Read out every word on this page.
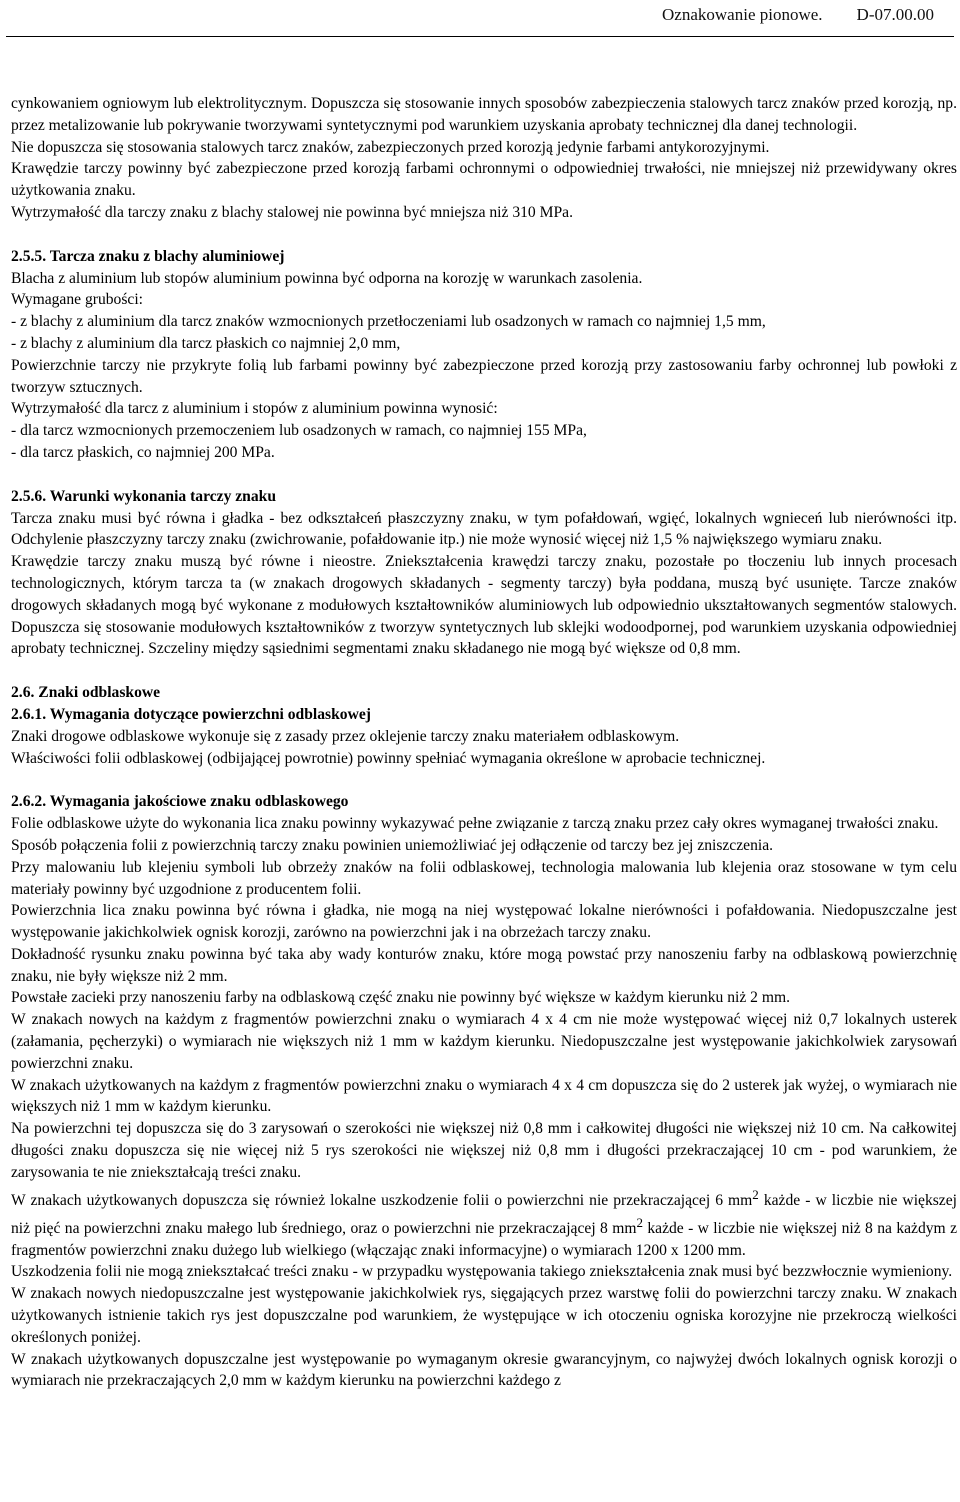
Oznakowanie pionowe. D-07.00.00

cynkowaniem ogniowym lub elektrolitycznym. Dopuszcza się stosowanie innych sposobów zabezpieczenia stalowych tarcz znaków przed korozją, np. przez metalizowanie lub pokrywanie tworzywami syntetycznymi pod warunkiem uzyskania aprobaty technicznej dla danej technologii.

Nie dopuszcza się stosowania stalowych tarcz znaków, zabezpieczonych przed korozją jedynie farbami antykorozyjnymi.

Krawędzie tarczy powinny być zabezpieczone przed korozją farbami ochronnymi o odpowiedniej trwałości, nie mniejszej niż przewidywany okres użytkowania znaku.

Wytrzymałość dla tarczy znaku z blachy stalowej nie powinna być mniejsza niż 310 MPa.

2.5.5. Tarcza znaku z blachy aluminiowej

Blacha z aluminium lub stopów aluminium powinna być odporna na korozję w warunkach zasolenia.

Wymagane grubości:

- z blachy z aluminium dla tarcz znaków wzmocnionych przetłoczeniami lub osadzonych w ramach co najmniej 1,5 mm,

- z blachy z aluminium dla tarcz płaskich co najmniej 2,0 mm,

Powierzchnie tarczy nie przykryte folią lub farbami powinny być zabezpieczone przed korozją przy zastosowaniu farby ochronnej lub powłoki z tworzyw sztucznych.

Wytrzymałość dla tarcz z aluminium i stopów z aluminium powinna wynosić:

- dla tarcz wzmocnionych przemoczeniem lub osadzonych w ramach, co najmniej 155 MPa,

- dla tarcz płaskich, co najmniej 200 MPa.

2.5.6. Warunki wykonania tarczy znaku

Tarcza znaku musi być równa i gładka - bez odkształceń płaszczyzny znaku, w tym pofałdowań, wgięć, lokalnych wgnieceń lub nierówności itp. Odchylenie płaszczyzny tarczy znaku (zwichrowanie, pofałdowanie itp.) nie może wynosić więcej niż 1,5 % największego wymiaru znaku.

Krawędzie tarczy znaku muszą być równe i nieostre. Zniekształcenia krawędzi tarczy znaku, pozostałe po tłoczeniu lub innych procesach technologicznych, którym tarcza ta (w znakach drogowych składanych - segmenty tarczy) była poddana, muszą być usunięte. Tarcze znaków drogowych składanych mogą być wykonane z modułowych kształtowników aluminiowych lub odpowiednio ukształtowanych segmentów stalowych. Dopuszcza się stosowanie modułowych kształtowników z tworzyw syntetycznych lub sklejki wodoodpornej, pod warunkiem uzyskania odpowiedniej aprobaty technicznej. Szczeliny między sąsiednimi segmentami znaku składanego nie mogą być większe od 0,8 mm.

2.6. Znaki odblaskowe

2.6.1. Wymagania dotyczące powierzchni odblaskowej

Znaki drogowe odblaskowe wykonuje się z zasady przez oklejenie tarczy znaku materiałem odblaskowym.

Właściwości folii odblaskowej (odbijającej powrotnie) powinny spełniać wymagania określone w aprobacie technicznej.

2.6.2. Wymagania jakościowe znaku odblaskowego

Folie odblaskowe użyte do wykonania lica znaku powinny wykazywać pełne związanie z tarczą znaku przez cały okres wymaganej trwałości znaku.

Sposób połączenia folii z powierzchnią tarczy znaku powinien uniemożliwiać jej odłączenie od tarczy bez jej zniszczenia.

Przy malowaniu lub klejeniu symboli lub obrzeży znaków na folii odblaskowej, technologia malowania lub klejenia oraz stosowane w tym celu materiały powinny być uzgodnione z producentem folii.

Powierzchnia lica znaku powinna być równa i gładka, nie mogą na niej występować lokalne nierówności i pofałdowania. Niedopuszczalne jest występowanie jakichkolwiek ognisk korozji, zarówno na powierzchni jak i na obrzeżach tarczy znaku.

Dokładność rysunku znaku powinna być taka aby wady konturów znaku, które mogą powstać przy nanoszeniu farby na odblaskową powierzchnię znaku, nie były większe niż 2 mm.

Powstałe zacieki przy nanoszeniu farby na odblaskową część znaku nie powinny być większe w każdym kierunku niż 2 mm.

W znakach nowych na każdym z fragmentów powierzchni znaku o wymiarach 4 x 4 cm nie może występować więcej niż 0,7 lokalnych usterek (załamania, pęcherzyki) o wymiarach nie większych niż 1 mm w każdym kierunku. Niedopuszczalne jest występowanie jakichkolwiek zarysowań powierzchni znaku.

W znakach użytkowanych na każdym z fragmentów powierzchni znaku o wymiarach 4 x 4 cm dopuszcza się do 2 usterek jak wyżej, o wymiarach nie większych niż 1 mm w każdym kierunku.

Na powierzchni tej dopuszcza się do 3 zarysowań o szerokości nie większej niż 0,8 mm i całkowitej długości nie większej niż 10 cm. Na całkowitej długości znaku dopuszcza się nie więcej niż 5 rys szerokości nie większej niż 0,8 mm i długości przekraczającej 10 cm - pod warunkiem, że zarysowania te nie zniekształcają treści znaku.

W znakach użytkowanych dopuszcza się również lokalne uszkodzenie folii o powierzchni nie przekraczającej 6 $mm^2$ każde - w liczbie nie większej niż pięć na powierzchni znaku małego lub średniego, oraz o powierzchni nie przekraczającej 8 $mm^2$ każde - w liczbie nie większej niż 8 na każdym z fragmentów powierzchni znaku dużego lub wielkiego (włączając znaki informacyjne) o wymiarach 1200 x 1200 mm.

Uszkodzenia folii nie mogą zniekształcać treści znaku - w przypadku występowania takiego zniekształcenia znak musi być bezzwłocznie wymieniony.

W znakach nowych niedopuszczalne jest występowanie jakichkolwiek rys, sięgających przez warstwę folii do powierzchni tarczy znaku. W znakach użytkowanych istnienie takich rys jest dopuszczalne pod warunkiem, że występujące w ich otoczeniu ogniska korozyjne nie przekroczą wielkości określonych poniżej.

W znakach użytkowanych dopuszczalne jest występowanie po wymaganym okresie gwarancyjnym, co najwyżej dwóch lokalnych ognisk korozji o wymiarach nie przekraczających 2,0 mm w każdym kierunku na powierzchni każdego z
